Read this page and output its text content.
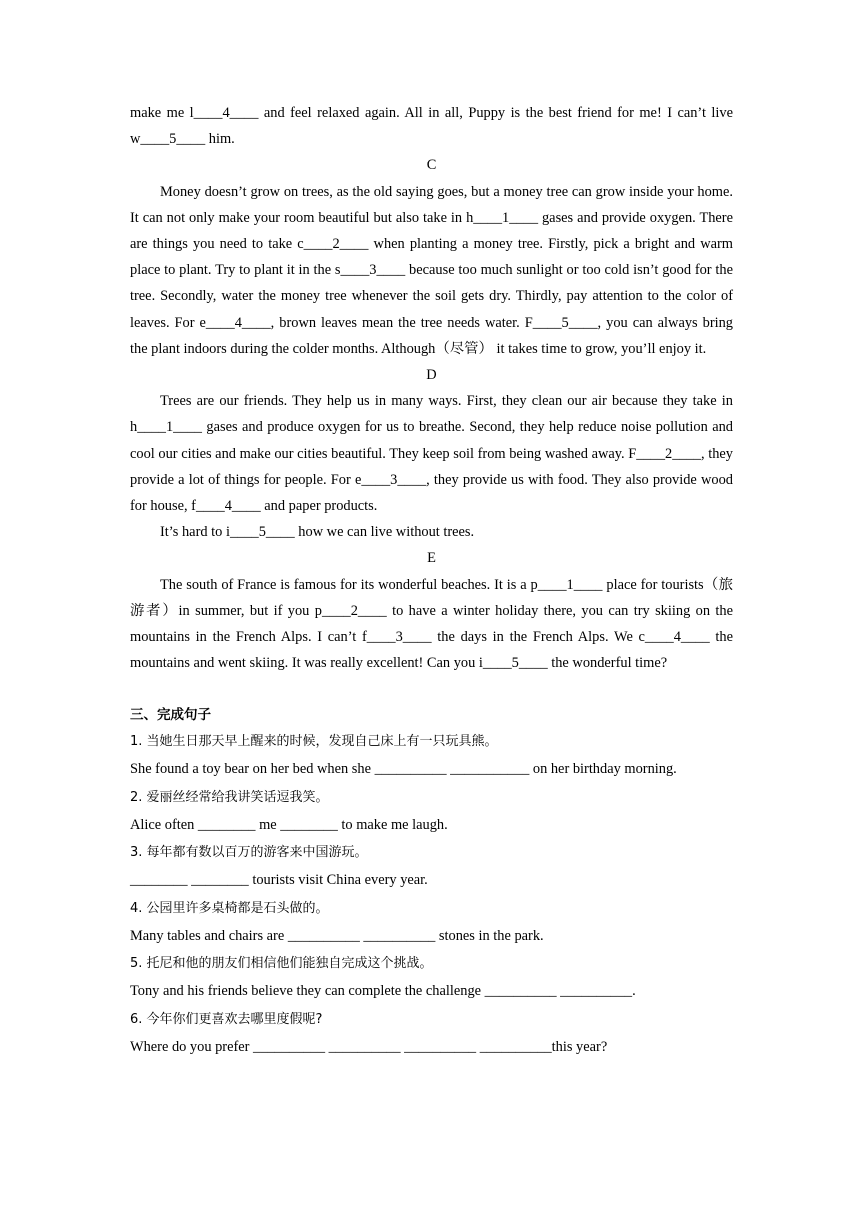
make me l____4____ and feel relaxed again. All in all, Puppy is the best friend for me! I can’t live w____5____ him.

C

Money doesn’t grow on trees, as the old saying goes, but a money tree can grow inside your home. It can not only make your room beautiful but also take in h____1____ gases and provide oxygen. There are things you need to take c____2____ when planting a money tree. Firstly, pick a bright and warm place to plant. Try to plant it in the s____3____ because too much sunlight or too cold isn’t good for the tree. Secondly, water the money tree whenever the soil gets dry. Thirdly, pay attention to the color of leaves. For e____4____, brown leaves mean the tree needs water. F____5____, you can always bring the plant indoors during the colder months. Although（尽管） it takes time to grow, you’ll enjoy it.

D

Trees are our friends. They help us in many ways. First, they clean our air because they take in h____1____ gases and produce oxygen for us to breathe. Second, they help reduce noise pollution and cool our cities and make our cities beautiful. They keep soil from being washed away. F____2____, they provide a lot of things for people. For e____3____, they provide us with food. They also provide wood for house, f____4____ and paper products.

It’s hard to i____5____ how we can live without trees.

E

The south of France is famous for its wonderful beaches. It is a p____1____ place for tourists（旅游者）in summer, but if you p____2____ to have a winter holiday there, you can try skiing on the mountains in the French Alps. I can’t f____3____ the days in the French Alps. We c____4____ the mountains and went skiing. It was really excellent! Can you i____5____ the wonderful time?

三、完成句子

1. 当她生日那天早上醒来的时候，发现自己床上有一只玩具熊。

She found a toy bear on her bed when she __________ ___________ on her birthday morning.

2. 爱丽丝经常给我讲笑话逗我笑。

Alice often ________ me ________ to make me laugh.

3. 每年都有数以百万的游客来中国游玩。

________ ________ tourists visit China every year.

4. 公园里许多桌椅都是石头做的。

Many tables and chairs are __________ __________ stones in the park.

5. 托尼和他的朋友们相信他们能独自完成这个挑战。

Tony and his friends believe they can complete the challenge __________ __________.

6. 今年你们更喜欢去哪里度假呢?

Where do you prefer __________ __________ __________ __________this year?
